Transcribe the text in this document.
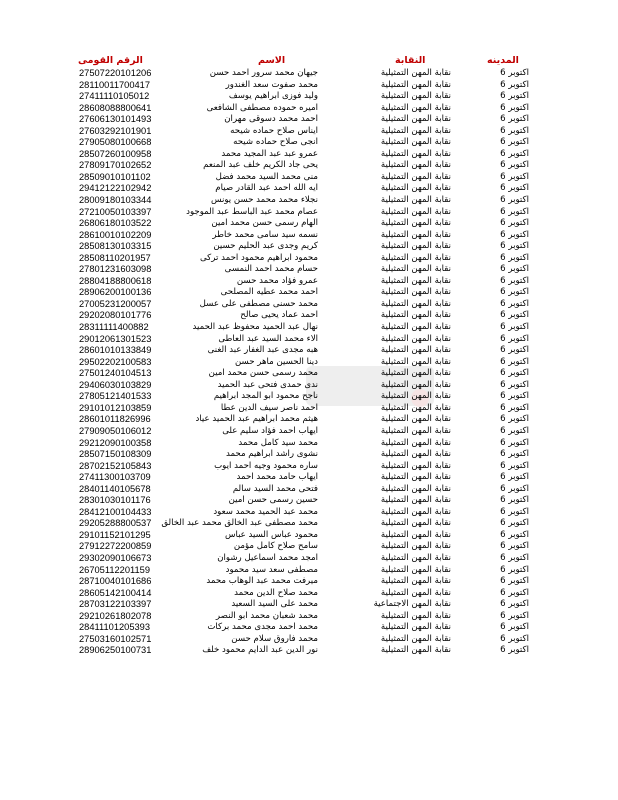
الرقم القومى	الاسم	النقابة	المدينه
27507220101206	جيهان محمد سرور احمد حسن	نقابة المهن التمثيلية	اكتوبر 6
28110011700417	محمد صفوت سعد الغندور	نقابة المهن التمثيلية	اكتوبر 6
27411110105012	وليد فوزى ابراهيم يوسف	نقابة المهن التمثيلية	اكتوبر 6
28608088800641	اميره حموده مصطفى الشافعى	نقابة المهن التمثيلية	اكتوبر 6
27606130101493	احمد محمد دسوقى مهران	نقابة المهن التمثيلية	اكتوبر 6
27603292101901	ايناس صلاح حماده شيحه	نقابة المهن التمثيلية	اكتوبر 6
27905080100668	انجى صلاح حماده شيحه	نقابة المهن التمثيلية	اكتوبر 6
28507260100958	عمرو عبد عبد المجيد محمد	نقابة المهن التمثيلية	اكتوبر 6
27809170102652	يحى جاد الكريم خلف عبد المنعم	نقابة المهن التمثيلية	اكتوبر 6
28509010101102	منى محمد السيد محمد فضل	نقابة المهن التمثيلية	اكتوبر 6
29412122102942	ايه الله احمد عبد القادر صيام	نقابة المهن التمثيلية	اكتوبر 6
28009180103344	نجلاء محمد محمد حسن يونس	نقابة المهن التمثيلية	اكتوبر 6
27210050103397	عصام محمد عبد الباسط عبد الموجود	نقابة المهن التمثيلية	اكتوبر 6
26806180103522	الهام رسمى حسن محمد امين	نقابة المهن التمثيلية	اكتوبر 6
28610010102209	نسمه سيد سامى محمد خاطر	نقابة المهن التمثيلية	اكتوبر 6
28508130103315	كريم وجدى عبد الحليم حسين	نقابة المهن التمثيلية	اكتوبر 6
28508110201957	محمود ابراهيم محمود احمد تركى	نقابة المهن التمثيلية	اكتوبر 6
27801231603098	حسام محمد احمد النمسى	نقابة المهن التمثيلية	اكتوبر 6
28804188800618	عمرو فؤاد محمد حسن	نقابة المهن التمثيلية	اكتوبر 6
28906200100136	احمد محمد عطيه المصلحى	نقابة المهن التمثيلية	اكتوبر 6
27005231200057	محمد حسنى مصطفى على عسل	نقابة المهن التمثيلية	اكتوبر 6
29202080101776	احمد عماد يحيى صالح	نقابة المهن التمثيلية	اكتوبر 6
28311111400882	نهال عبد الحميد محفوظ عبد الحميد	نقابة المهن التمثيلية	اكتوبر 6
29012061301523	الاء محمد السيد عبد العاطى	نقابة المهن التمثيلية	اكتوبر 6
28601010133849	هبه مجدى عبد الغفار عبد الغنى	نقابة المهن التمثيلية	اكتوبر 6
29502202100583	دينا الحسين ماهر حسن	نقابة المهن التمثيلية	اكتوبر 6
27501240104513	محمد رسمى حسن محمد امين	نقابة المهن التمثيلية	اكتوبر 6
29406030103829	ندى حمدى فتحى عبد الحميد	نقابة المهن التمثيلية	اكتوبر 6
27805121401533	ناجح محمود ابو المجد ابراهيم	نقابة المهن التمثيلية	اكتوبر 6
29101012103859	احمد ناصر سيف الدين عطا	نقابة المهن التمثيلية	اكتوبر 6
28601011826996	هيثم محمد ابراهيم عبد الحميد عياد	نقابة المهن التمثيلية	اكتوبر 6
27909050106012	ايهاب احمد فؤاد سليم على	نقابة المهن التمثيلية	اكتوبر 6
29212090100358	محمد سيد كامل محمد	نقابة المهن التمثيلية	اكتوبر 6
28507150108309	نشوى راشد ابراهيم محمد	نقابة المهن التمثيلية	اكتوبر 6
28702152105843	ساره محمود وجيه احمد ايوب	نقابة المهن التمثيلية	اكتوبر 6
27411300103709	ايهاب حامد محمد احمد	نقابة المهن التمثيلية	اكتوبر 6
28401140105678	فتحى محمد السيد سالم	نقابة المهن التمثيلية	اكتوبر 6
28301030101176	حسين رسمى حسن امين	نقابة المهن التمثيلية	اكتوبر 6
28412100104433	محمد عبد الحميد محمد سعود	نقابة المهن التمثيلية	اكتوبر 6
29205288800537 محمد مصطفى عبد الخالق محمد عبد الخالق	نقابة المهن التمثيلية	اكتوبر 6
29101152101295	محمود عباس السيد عباس	نقابة المهن التمثيلية	اكتوبر 6
27912272200859	سامح صلاح كامل مؤمن	نقابة المهن التمثيلية	اكتوبر 6
29302090106673	امجد محمد اسماعيل رشوان	نقابة المهن التمثيلية	اكتوبر 6
26705112201159	مصطفى سعد سيد محمود	نقابة المهن التمثيلية	اكتوبر 6
28710040101686	ميرفت محمد عبد الوهاب محمد	نقابة المهن التمثيلية	اكتوبر 6
28605142100414	محمد صلاح الدين محمد	نقابة المهن التمثيلية	اكتوبر 6
28703122103397	محمد على السيد السعيد	نقابة المهن الاجتماعية	اكتوبر 6
29210261802078	محمد شعبان محمد ابو النصر	نقابة المهن التمثيلية	اكتوبر 6
28411101205393	محمد احمد مجدى محمد بركات	نقابة المهن التمثيلية	اكتوبر 6
27503160102571	محمد فاروق سلام حسن	نقابة المهن التمثيلية	اكتوبر 6
28906250100731	نور الدين عبد الدايم محمود خلف	نقابة المهن التمثيلية	اكتوبر 6
